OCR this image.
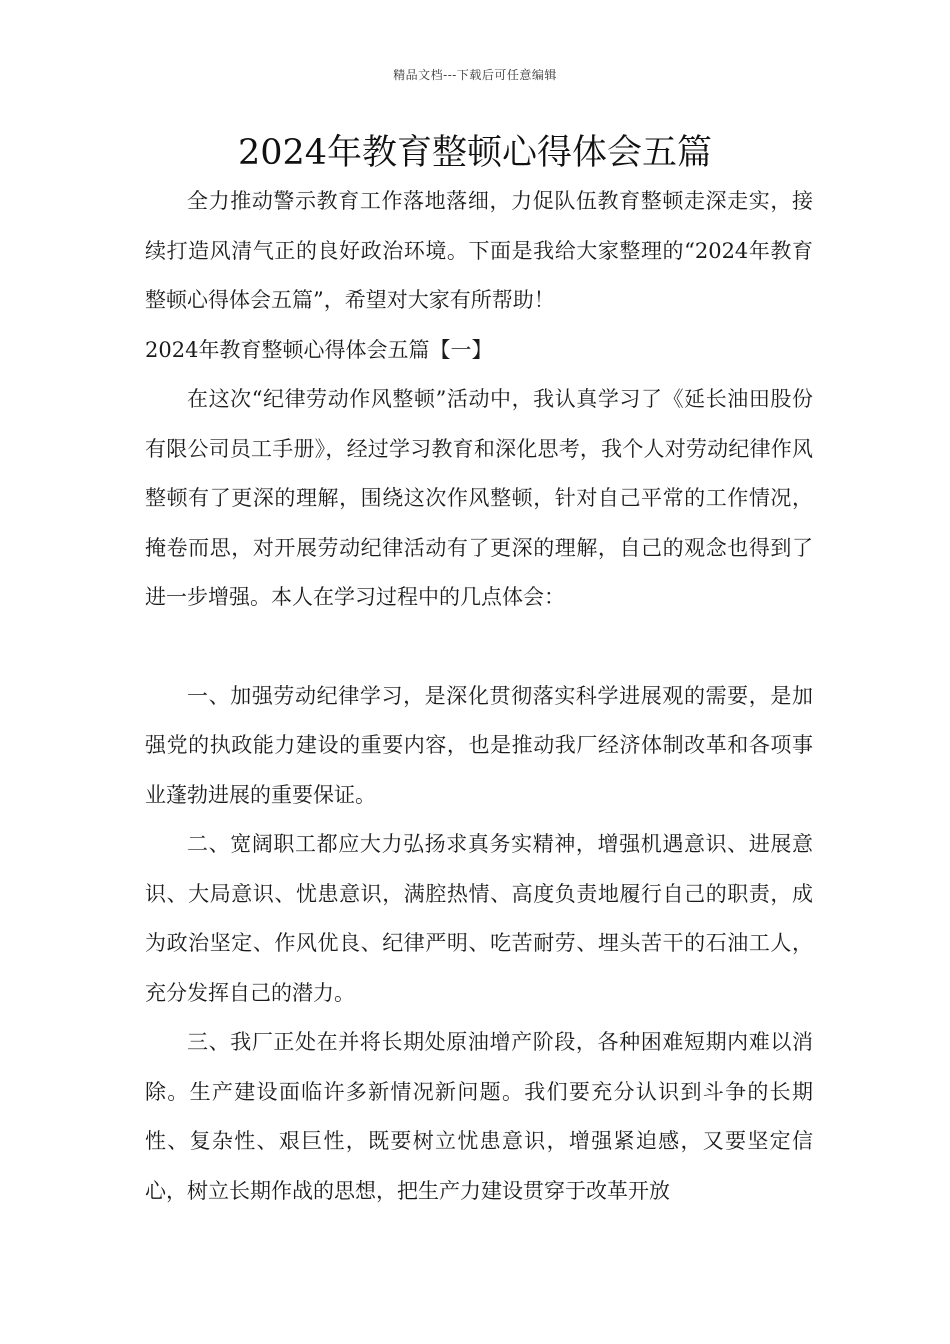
精品文档---下载后可任意编辑
2024年教育整顿心得体会五篇

全力推动警示教育工作落地落细，力促队伍教育整顿走深走实，接续打造风清气正的良好政治环境。下面是我给大家整理的“2024年教育整顿心得体会五篇”，希望对大家有所帮助！

2024年教育整顿心得体会五篇【一】

在这次“纪律劳动作风整顿”活动中，我认真学习了《延长油田股份有限公司员工手册》，经过学习教育和深化思考，我个人对劳动纪律作风整顿有了更深的理解，围绕这次作风整顿，针对自己平常的工作情况，掩卷而思，对开展劳动纪律活动有了更深的理解，自己的观念也得到了进一步增强。本人在学习过程中的几点体会：

一、加强劳动纪律学习，是深化贯彻落实科学进展观的需要，是加强党的执政能力建设的重要内容，也是推动我厂经济体制改革和各项事业蓬勃进展的重要保证。

二、宽阔职工都应大力弘扬求真务实精神，增强机遇意识、进展意识、大局意识、忧患意识，满腔热情、高度负责地履行自己的职责，成为政治坚定、作风优良、纪律严明、吃苦耐劳、埋头苦干的石油工人，充分发挥自己的潜力。

三、我厂正处在并将长期处原油增产阶段，各种困难短期内难以消除。生产建设面临许多新情况新问题。我们要充分认识到斗争的长期性、复杂性、艰巨性，既要树立忧患意识，增强紧迫感，又要坚定信心，树立长期作战的思想，把生产力建设贯穿于改革开放
